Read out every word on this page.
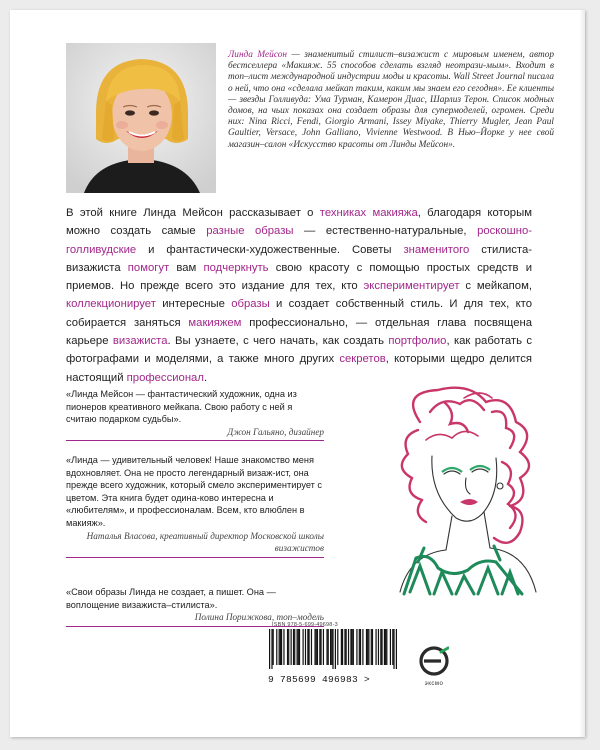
Линда Мейсон — знаменитый стилист–визажист с мировым именем, автор бестселлера «Макияж. 55 способов сделать взгляд неотрази-мым». Входит в топ–лист международной индустрии моды и красоты. Wall Street Journal писала о ней, что она «сделала мейкап таким, каким мы знаем его сегодня». Ее клиенты — звезды Голливуда: Ума Турман, Камерон Диас, Шарлиз Терон. Список модных домов, на чьих показах она создает образы для супермоделей, огромен. Среди них: Nina Ricci, Fendi, Giorgio Armani, Issey Miyake, Thierry Mugler, Jean Paul Gaultier, Versace, John Galliano, Vivienne Westwood. В Нью–Йорке у нее свой магазин–салон «Искусство красоты от Линды Мейсон».

В этой книге Линда Мейсон рассказывает о техниках макияжа, благодаря которым можно создать самые разные образы — естественно-натуральные, роскошно-голливудские и фантастически-художественные. Советы знаменитого стилиста-визажиста помогут вам подчеркнуть свою красоту с помощью простых средств и приемов. Но прежде всего это издание для тех, кто экспериментирует с мейкапом, коллекционирует интересные образы и создает собственный стиль. И для тех, кто собирается заняться макияжем профессионально, — отдельная глава посвящена карьере визажиста. Вы узнаете, с чего начать, как создать портфолио, как работать с фотографами и моделями, а также много других секретов, которыми щедро делится настоящий профессионал.

«Линда Мейсон — фантастический художник, одна из пионеров креативного мейкапа. Свою работу с ней я считаю подарком судьбы».

Джон Гальяно, дизайнер

«Линда — удивительный человек! Наше знакомство меня вдохновляет. Она не просто легендарный визаж-ист, она прежде всего художник, который смело экспериментирует с цветом. Эта книга будет одина-ково интересна и «любителям», и профессионалам. Всем, кто влюблен в макияж».

Наталья Власова, креативный директор Московской школы визажистов

«Свои образы Линда не создает, а пишет. Она — воплощение визажиста–стилиста».

Полина Порижкова, топ–модель

ISBN 978-5-699-49698-3

9 785699 496983 >	эксмо
